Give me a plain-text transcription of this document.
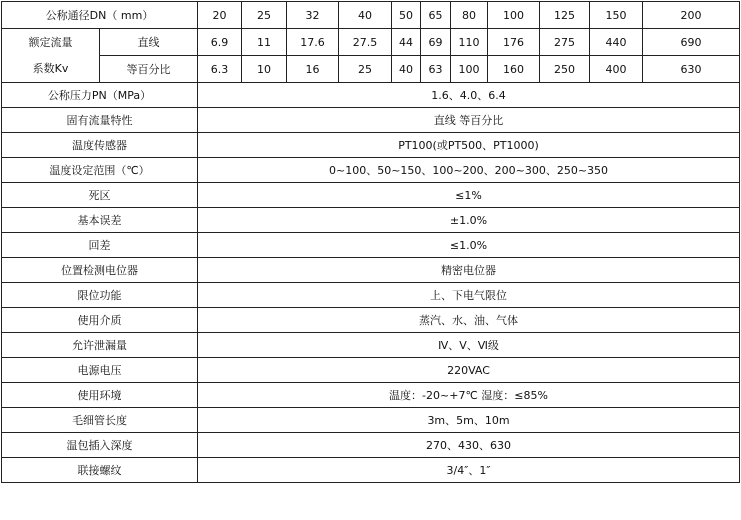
公称通径DN（ mm）		20	25	32	40	50	65	80	100	125	150	200

额定流量
系数Kv	直线	6.9	11	17.6	27.5	44	69	110	176	275	440	690
	等百分比	6.3	10	16	25	40	63	100	160	250	400	630
公称压力PN（MPa）		1.6、4.0、6.4										
固有流量特性		直线 等百分比										
温度传感器		PT100(或PT500、PT1000)										
温度设定范围（℃）		0~100、50~150、100~200、200~300、250~350										
死区		≤1%										
基本误差		±1.0%										
回差		≤1.0%										
位置检测电位器		精密电位器										
限位功能		上、下电气限位										
使用介质		蒸汽、水、油、气体										
允许泄漏量		Ⅳ、Ⅴ、Ⅵ级										
电源电压		220VAC										
使用环境		温度：-20~+7℃ 湿度：≤85%										
毛细管长度		3m、5m、10m										
温包插入深度		270、430、630										
联接螺纹		3/4″、1″										
